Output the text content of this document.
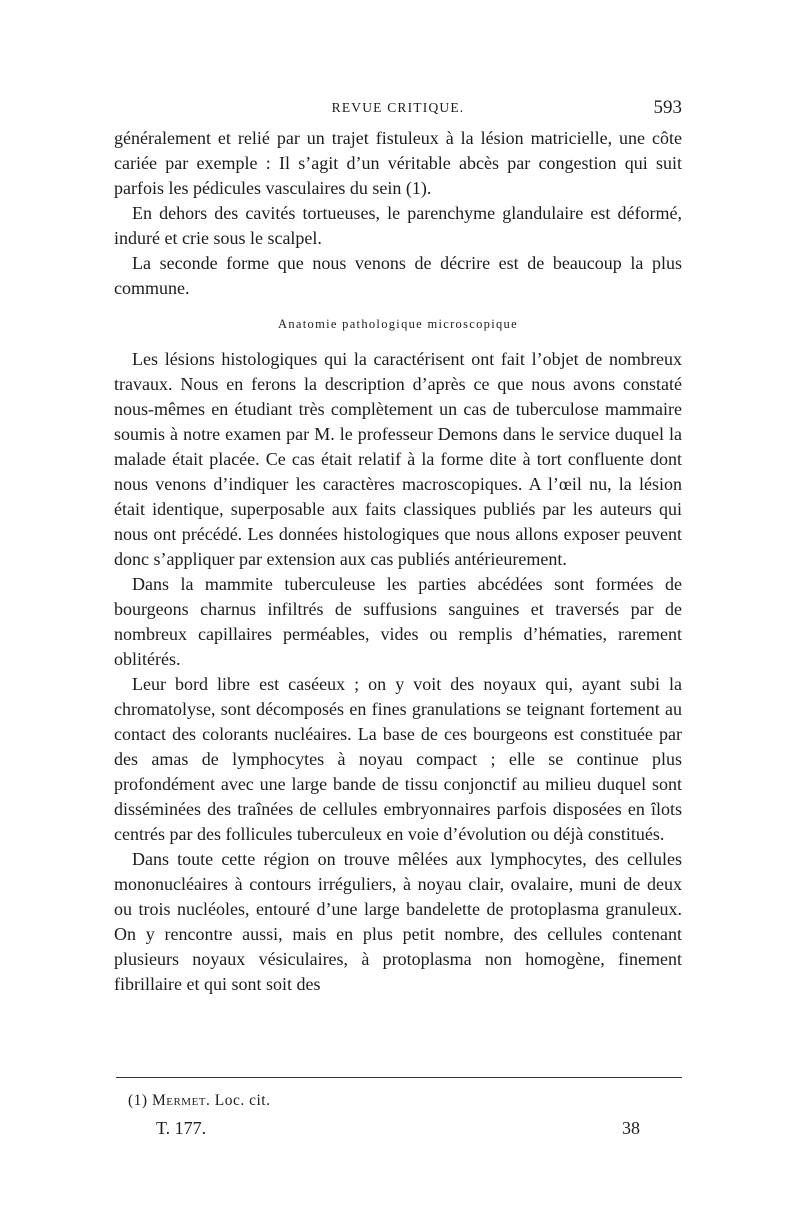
REVUE CRITIQUE.	593

généralement et relié par un trajet fistuleux à la lésion matricielle, une côte cariée par exemple : Il s’agit d’un véritable abcès par congestion qui suit parfois les pédicules vasculaires du sein (1).

En dehors des cavités tortueuses, le parenchyme glandulaire est déformé, induré et crie sous le scalpel.

La seconde forme que nous venons de décrire est de beaucoup la plus commune.

Anatomie pathologique microscopique

Les lésions histologiques qui la caractérisent ont fait l’objet de nombreux travaux. Nous en ferons la description d’après ce que nous avons constaté nous-mêmes en étudiant très complètement un cas de tuberculose mammaire soumis à notre examen par M. le professeur Demons dans le service duquel la malade était placée. Ce cas était relatif à la forme dite à tort confluente dont nous venons d’indiquer les caractères macroscopiques. A l’œil nu, la lésion était identique, superposable aux faits classiques publiés par les auteurs qui nous ont précédé. Les données histologiques que nous allons exposer peuvent donc s’appliquer par extension aux cas publiés antérieurement.

Dans la mammite tuberculeuse les parties abcédées sont formées de bourgeons charnus infiltrés de suffusions sanguines et traversés par de nombreux capillaires perméables, vides ou remplis d’hématies, rarement oblitérés.

Leur bord libre est caséeux ; on y voit des noyaux qui, ayant subi la chromatolyse, sont décomposés en fines granulations se teignant fortement au contact des colorants nucléaires. La base de ces bourgeons est constituée par des amas de lymphocytes à noyau compact ; elle se continue plus profondément avec une large bande de tissu conjonctif au milieu duquel sont disséminées des traînées de cellules embryonnaires parfois disposées en îlots centrés par des follicules tuberculeux en voie d’évolution ou déjà constitués.

Dans toute cette région on trouve mêlées aux lymphocytes, des cellules mononucléaires à contours irréguliers, à noyau clair, ovalaire, muni de deux ou trois nucléoles, entouré d’une large bandelette de protoplasma granuleux. On y rencontre aussi, mais en plus petit nombre, des cellules contenant plusieurs noyaux vésiculaires, à protoplasma non homogène, finement fibrillaire et qui sont soit des

(1) Mermet. Loc. cit.
T. 177.	38
